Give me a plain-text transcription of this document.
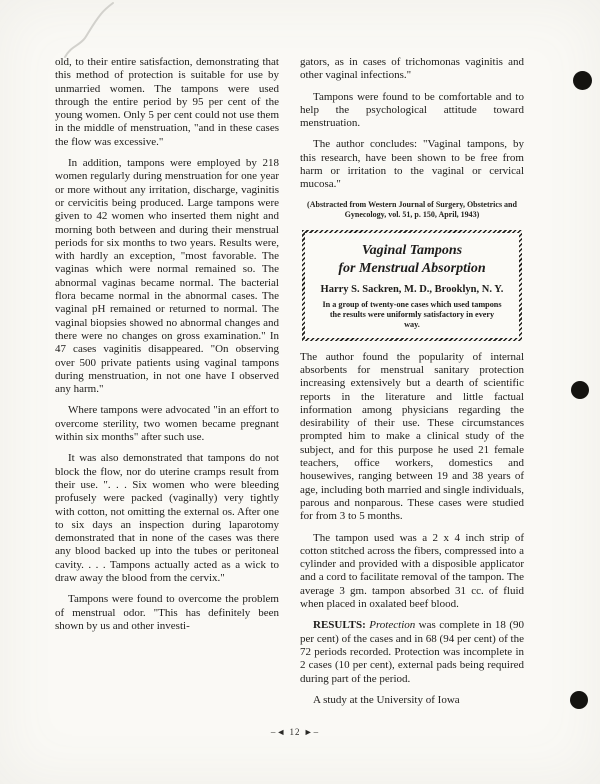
old, to their entire satisfaction, demonstrating that this method of protection is suitable for use by unmarried women. The tampons were used through the entire period by 95 per cent of the young women. Only 5 per cent could not use them in the middle of menstruation, "and in these cases the flow was excessive."

In addition, tampons were employed by 218 women regularly during menstruation for one year or more without any irritation, discharge, vaginitis or cervicitis being produced. Large tampons were given to 42 women who inserted them night and morning both between and during their menstrual periods for six months to two years. Results were, with hardly an exception, "most favorable. The vaginas which were normal remained so. The abnormal vaginas became normal. The bacterial flora became normal in the abnormal cases. The vaginal pH remained or returned to normal. The vaginal biopsies showed no abnormal changes and there were no changes on gross examination." In 47 cases vaginitis disappeared. "On observing over 500 private patients using vaginal tampons during menstruation, in not one have I observed any harm."

Where tampons were advocated "in an effort to overcome sterility, two women became pregnant within six months" after such use.

It was also demonstrated that tampons do not block the flow, nor do uterine cramps result from their use. ". . . Six women who were bleeding profusely were packed (vaginally) very tightly with cotton, not omitting the external os. After one to six days an inspection during laparotomy demonstrated that in none of the cases was there any blood backed up into the tubes or peritoneal cavity. . . . Tampons actually acted as a wick to draw away the blood from the cervix."

Tampons were found to overcome the problem of menstrual odor. "This has definitely been shown by us and other investi-

gators, as in cases of trichomonas vaginitis and other vaginal infections."

Tampons were found to be comfortable and to help the psychological attitude toward menstruation.

The author concludes: "Vaginal tampons, by this research, have been shown to be free from harm or irritation to the vaginal or cervical mucosa."

(Abstracted from Western Journal of Surgery, Obstetrics and Gynecology, vol. 51, p. 150, April, 1943)
Vaginal Tampons
for Menstrual Absorption
Harry S. Sackren, M. D., Brooklyn, N. Y.
In a group of twenty-one cases which used tampons the results were uniformly satisfactory in every way.

The author found the popularity of internal absorbents for menstrual sanitary protection increasing extensively but a dearth of scientific reports in the literature and little factual information among physicians regarding the desirability of their use. These circumstances prompted him to make a clinical study of the subject, and for this purpose he used 21 female teachers, office workers, domestics and housewives, ranging between 19 and 38 years of age, including both married and single individuals, parous and nonparous. These cases were studied for from 3 to 5 months.

The tampon used was a 2 x 4 inch strip of cotton stitched across the fibers, compressed into a cylinder and provided with a disposible applicator and a cord to facilitate removal of the tampon. The average 3 gm. tampon absorbed 31 cc. of fluid when placed in oxalated beef blood.

RESULTS: Protection was complete in 18 (90 per cent) of the cases and in 68 (94 per cent) of the 72 periods recorded. Protection was incomplete in 2 cases (10 per cent), external pads being required during part of the period.

A study at the University of Iowa

–◄ 12 ►–
